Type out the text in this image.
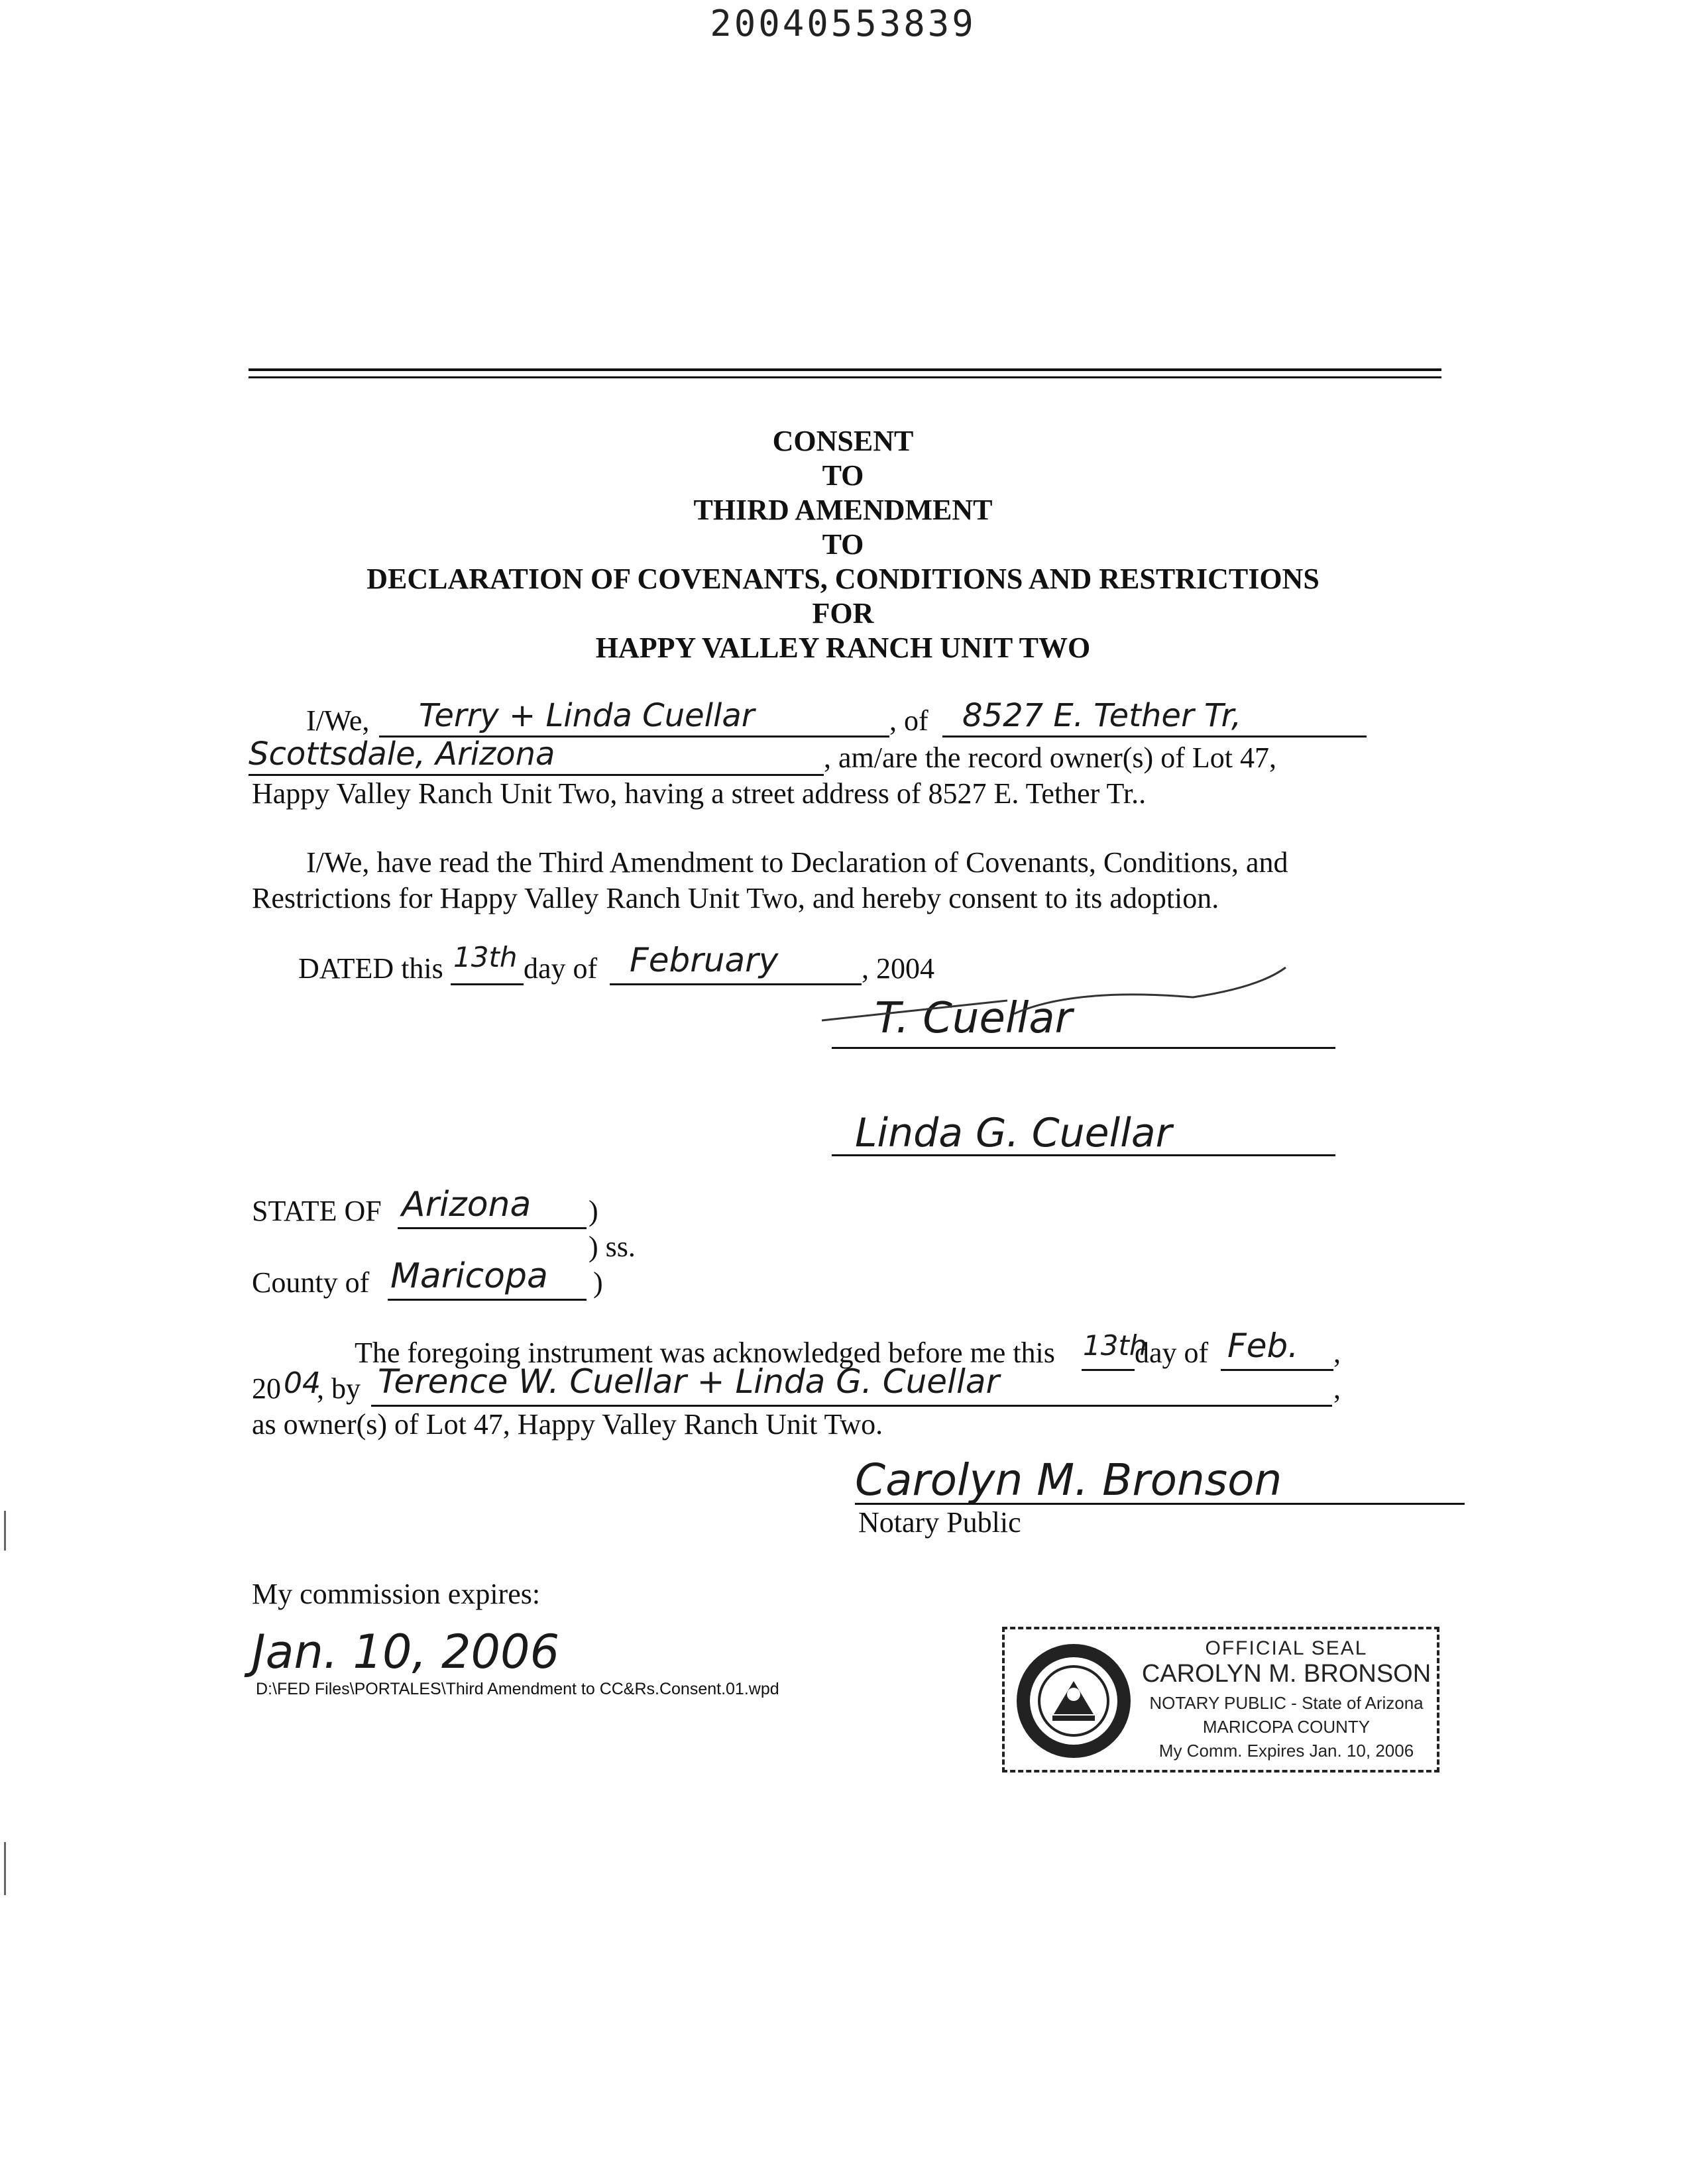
20040553839
CONSENT
TO
THIRD AMENDMENT
TO
DECLARATION OF COVENANTS, CONDITIONS AND RESTRICTIONS
FOR
HAPPY VALLEY RANCH UNIT TWO
I/We, Terry + Linda Cuellar	, of 8527 E. Tether Tr,
Scottsdale, Arizona	, am/are the record owner(s) of Lot 47,
Happy Valley Ranch Unit Two, having a street address of 8527 E. Tether Tr..
I/We, have read the Third Amendment to Declaration of Covenants, Conditions, and
Restrictions for Happy Valley Ranch Unit Two, and hereby consent to its adoption.
DATED this 13th day of February	, 2004
T. Cuellar
Linda G. Cuellar
STATE OF Arizona )
) ss.
County of Maricopa )
The foregoing instrument was acknowledged before me this 13th
day of Feb. ,
20 04
, by Terence W. Cuellar + Linda G. Cuellar	,
as owner(s) of Lot 47, Happy Valley Ranch Unit Two.
Carolyn M. Bronson
Notary Public
My commission expires:
Jan. 10, 2006
D:\FED Files\PORTALES\Third Amendment to CC&Rs.Consent.01.wpd
OFFICIAL SEAL
CAROLYN M. BRONSON
NOTARY PUBLIC - State of Arizona
MARICOPA COUNTY
My Comm. Expires Jan. 10, 2006
